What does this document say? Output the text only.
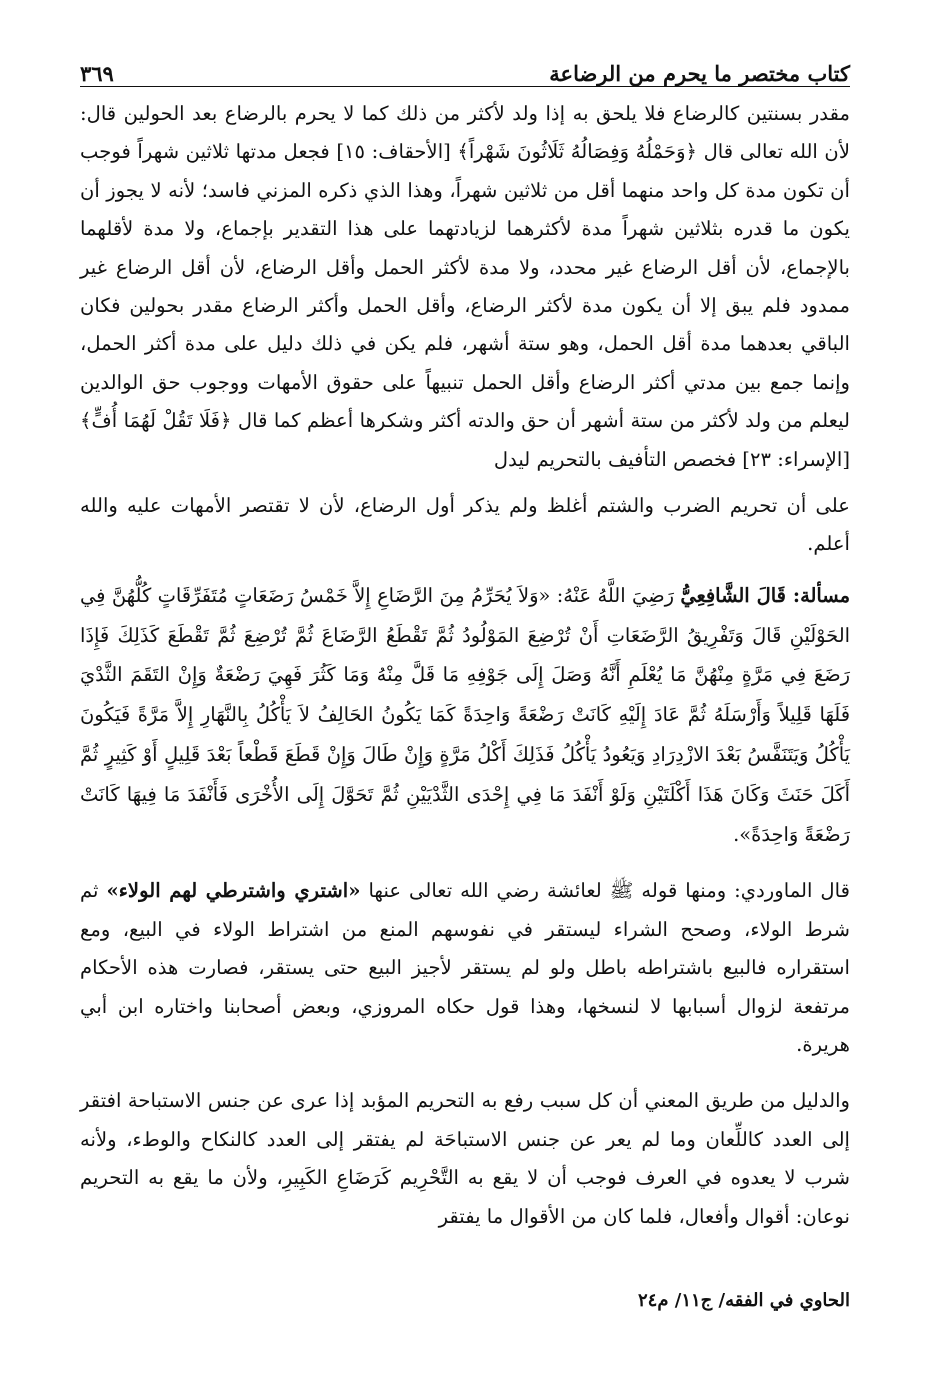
كتاب مختصر ما يحرم من الرضاعة
٣٦٩

مقدر بسنتين كالرضاع فلا يلحق به إذا ولد لأكثر من ذلك كما لا يحرم بالرضاع بعد الحولين قال: لأن الله تعالى قال ﴿وَحَمْلُهُ وَفِصَالُهُ ثَلَاثُونَ شَهْراً﴾ [الأحقاف: ١٥] فجعل مدتها ثلاثين شهراً فوجب أن تكون مدة كل واحد منهما أقل من ثلاثين شهراً، وهذا الذي ذكره المزني فاسد؛ لأنه لا يجوز أن يكون ما قدره بثلاثين شهراً مدة لأكثرهما لزيادتهما على هذا التقدير بإجماع، ولا مدة لأقلهما بالإجماع، لأن أقل الرضاع غير محدد، ولا مدة لأكثر الحمل وأقل الرضاع، لأن أقل الرضاع غير ممدود فلم يبق إلا أن يكون مدة لأكثر الرضاع، وأقل الحمل وأكثر الرضاع مقدر بحولين فكان الباقي بعدهما مدة أقل الحمل، وهو ستة أشهر، فلم يكن في ذلك دليل على مدة أكثر الحمل، وإنما جمع بين مدتي أكثر الرضاع وأقل الحمل تنبيهاً على حقوق الأمهات ووجوب حق الوالدين ليعلم من ولد لأكثر من ستة أشهر أن حق والدته أكثر وشكرها أعظم كما قال ﴿فَلَا تَقُلْ لَهُمَا أُفٍّ﴾ [الإسراء: ٢٣] فخصص التأفيف بالتحريم ليدل

على أن تحريم الضرب والشتم أغلظ ولم يذكر أول الرضاع، لأن لا تقتصر الأمهات عليه والله أعلم.

مسألة: قَالَ الشَّافِعِيُّ رَضِيَ اللَّهُ عَنْهُ: «وَلاَ يُحَرِّمُ مِنَ الرَّضَاعِ إِلاَّ خَمْسُ رَضَعَاتٍ مُتَفَرِّقَاتٍ كُلُّهُنَّ فِي الحَوْلَيْنِ قَالَ وَتَفْرِيقُ الرَّضَعَاتِ أَنْ تُرْضِعَ المَوْلُودُ ثُمَّ تَقْطَعُ الرَّضَاعَ ثُمَّ تُرْضِعَ ثُمَّ تَقْطَعَ كَذَلِكَ فَإِذَا رَضَعَ فِي مَرَّةٍ مِنْهُنَّ مَا يُعْلَمِ أَنَّهُ وَصَلَ إِلَى جَوْفِهِ مَا قَلَّ مِنْهُ وَمَا كَثُرَ فَهِيَ رَضْعَةٌ وَإِنْ التَقَمَ الثَّدْيَ فَلَهَا قَلِيلاً وَأَرْسَلَهُ ثُمَّ عَادَ إِلَيْهِ كَانَتْ رَضْعَةً وَاحِدَةً كَمَا يَكُونُ الحَالِفُ لاَ يَأْكُلُ بِالنَّهَارِ إِلاَّ مَرَّةً فَيَكُونَ يَأْكُلُ وَيَتَنَفَّسُ بَعْدَ الازْدِرَادِ وَيَعُودُ يَأْكُلُ فَذَلِكَ أَكْلُ مَرَّةٍ وَإِنْ طَالَ وَإِنْ قَطَعَ قَطْعاً بَعْدَ قَلِيلٍ أَوْ كَثِيرٍ ثُمَّ أَكَلَ حَنَثَ وَكَانَ هَذَا أَكْلَتَيْنِ وَلَوْ أَنْفَدَ مَا فِي إِحْدَى الثَّدْيَيْنِ ثُمَّ تَحَوَّلَ إِلَى الأُخْرَى فَأَنْفَدَ مَا فِيهَا كَانَتْ رَضْعَةً وَاحِدَةً».

قال الماوردي: ومنها قوله ﷺ لعائشة رضي الله تعالى عنها «اشتري واشترطي لهم الولاء» ثم شرط الولاء، وصحح الشراء ليستقر في نفوسهم المنع من اشتراط الولاء في البيع، ومع استقراره فالبيع باشتراطه باطل ولو لم يستقر لأجيز البيع حتى يستقر، فصارت هذه الأحكام مرتفعة لزوال أسبابها لا لنسخها، وهذا قول حكاه المروزي، وبعض أصحابنا واختاره ابن أبي هريرة.

والدليل من طريق المعني أن كل سبب رفع به التحريم المؤبد إذا عرى عن جنس الاستباحة افتقر إلى العدد كاللِّعان وما لم يعر عن جنس الاستباحَة لم يفتقر إلى العدد كالنكاح والوطء، ولأنه شرب لا يعدوه في العرف فوجب أن لا يقع به التَّحْرِيم كَرَضَاعِ الكَبِيرِ، ولأن ما يقع به التحريم نوعان: أقوال وأفعال، فلما كان من الأقوال ما يفتقر

الحاوي في الفقه/ ج١١/ م٢٤
